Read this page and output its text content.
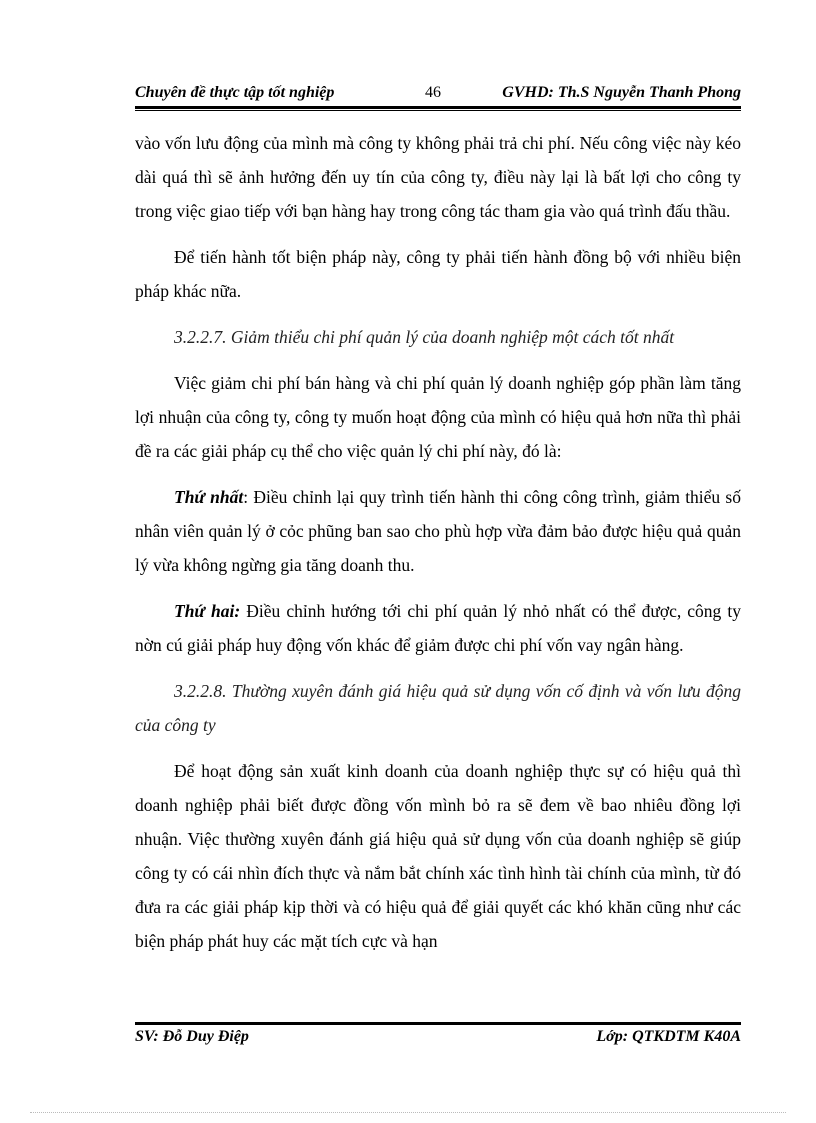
Chuyên đề thực tập tốt nghiệp	46	GVHD: Th.S Nguyễn Thanh Phong

vào vốn lưu động của mình mà công ty không phải trả chi phí. Nếu công việc này kéo dài quá thì sẽ ảnh hưởng đến uy tín của công ty, điều này lại là bất lợi cho công ty trong việc giao tiếp với bạn hàng hay trong công tác tham gia vào quá trình đấu thầu.

Để tiến hành tốt biện pháp này, công ty phải tiến hành đồng bộ với nhiều biện pháp khác nữa.

3.2.2.7. Giảm thiểu chi phí quản lý của doanh nghiệp một cách tốt nhất

Việc giảm chi phí bán hàng và chi phí quản lý doanh nghiệp góp phần làm tăng lợi nhuận của công ty, công ty muốn hoạt động của mình có hiệu quả hơn nữa thì phải đề ra các giải pháp cụ thể cho việc quản lý chi phí này, đó là:

Thứ nhất: Điều chỉnh lại quy trình tiến hành thi công công trình, giảm thiểu số nhân viên quản lý ở cỏc phũng ban sao cho phù hợp vừa đảm bảo được hiệu quả quản lý vừa không ngừng gia tăng doanh thu.

Thứ hai: Điều chỉnh hướng tới chi phí quản lý nhỏ nhất có thể được, công ty nờn cú giải pháp huy động vốn khác để giảm được chi phí vốn vay ngân hàng.

3.2.2.8. Thường xuyên đánh giá hiệu quả sử dụng vốn cố định và vốn lưu động của công ty

Để hoạt động sản xuất kinh doanh của doanh nghiệp thực sự có hiệu quả thì doanh nghiệp phải biết được đồng vốn mình bỏ ra sẽ đem về bao nhiêu đồng lợi nhuận. Việc thường xuyên đánh giá hiệu quả sử dụng vốn của doanh nghiệp sẽ giúp công ty có cái nhìn đích thực và nắm bắt chính xác tình hình tài chính của mình, từ đó đưa ra các giải pháp kịp thời và có hiệu quả để giải quyết các khó khăn cũng như các biện pháp phát huy các mặt tích cực và hạn

SV: Đỗ Duy Điệp	Lớp: QTKDTM K40A
